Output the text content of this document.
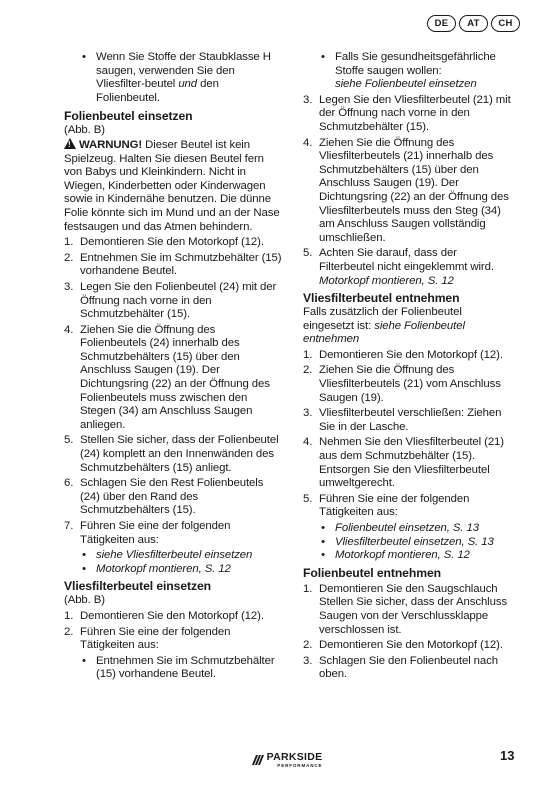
DE	AT	CH

• Wenn Sie Stoffe der Staubklasse H saugen, verwenden Sie den Vliesfilter-beutel und den Folienbeutel.

Folienbeutel einsetzen

(Abb. B)

!WARNUNG! Dieser Beutel ist kein Spielzeug. Halten Sie diesen Beutel fern von Babys und Kleinkindern. Nicht in Wiegen, Kinderbetten oder Kinderwagen sowie in Kindernähe benutzen. Die dünne Folie könnte sich im Mund und an der Nase festsaugen und das Atmen behindern.

1. Demontieren Sie den Motorkopf (12).

2. Entnehmen Sie im Schmutzbehälter (15) vorhandene Beutel.

3. Legen Sie den Folienbeutel (24) mit der Öffnung nach vorne in den Schmutzbehälter (15).

4. Ziehen Sie die Öffnung des Folienbeutels (24) innerhalb des Schmutzbehälters (15) über den Anschluss Saugen (19). Der Dichtungsring (22) an der Öffnung des Folienbeutels muss zwischen den Stegen (34) am Anschluss Saugen anliegen.

5. Stellen Sie sicher, dass der Folienbeutel (24) komplett an den Innenwänden des Schmutzbehälters (15) anliegt.

6. Schlagen Sie den Rest Folienbeutels (24) über den Rand des Schmutzbehälters (15).

7. Führen Sie eine der folgenden Tätigkeiten aus:

• siehe Vliesfilterbeutel einsetzen

• Motorkopf montieren, S. 12

Vliesfilterbeutel einsetzen

(Abb. B)

1. Demontieren Sie den Motorkopf (12).

2. Führen Sie eine der folgenden Tätigkeiten aus:

• Entnehmen Sie im Schmutzbehälter (15) vorhandene Beutel.

• Falls Sie gesundheitsgefährliche Stoffe saugen wollen:
siehe Folienbeutel einsetzen

3. Legen Sie den Vliesfilterbeutel (21) mit der Öffnung nach vorne in den Schmutzbehälter (15).

4. Ziehen Sie die Öffnung des Vliesfilterbeutels (21) innerhalb des Schmutzbehälters (15) über den Anschluss Saugen (19). Der Dichtungsring (22) an der Öffnung des Vliesfilterbeutels muss den Steg (34) am Anschluss Saugen vollständig umschließen.

5. Achten Sie darauf, dass der Filterbeutel nicht eingeklemmt wird.
Motorkopf montieren, S. 12

Vliesfilterbeutel entnehmen

Falls zusätzlich der Folienbeutel eingesetzt ist: siehe Folienbeutel entnehmen

1. Demontieren Sie den Motorkopf (12).

2. Ziehen Sie die Öffnung des Vliesfilterbeutels (21) vom Anschluss Saugen (19).

3. Vliesfilterbeutel verschließen: Ziehen Sie in der Lasche.

4. Nehmen Sie den Vliesfilterbeutel (21) aus dem Schmutzbehälter (15).
Entsorgen Sie den Vliesfilterbeutel umweltgerecht.

5. Führen Sie eine der folgenden Tätigkeiten aus:

• Folienbeutel einsetzen, S. 13

• Vliesfilterbeutel einsetzen, S. 13

• Motorkopf montieren, S. 12

Folienbeutel entnehmen

1. Demontieren Sie den Saugschlauch Stellen Sie sicher, dass der Anschluss Saugen von der Verschlussklappe verschlossen ist.

2. Demontieren Sie den Motorkopf (12).

3. Schlagen Sie den Folienbeutel nach oben.

PARKSIDE
PERFORMANCE
13
